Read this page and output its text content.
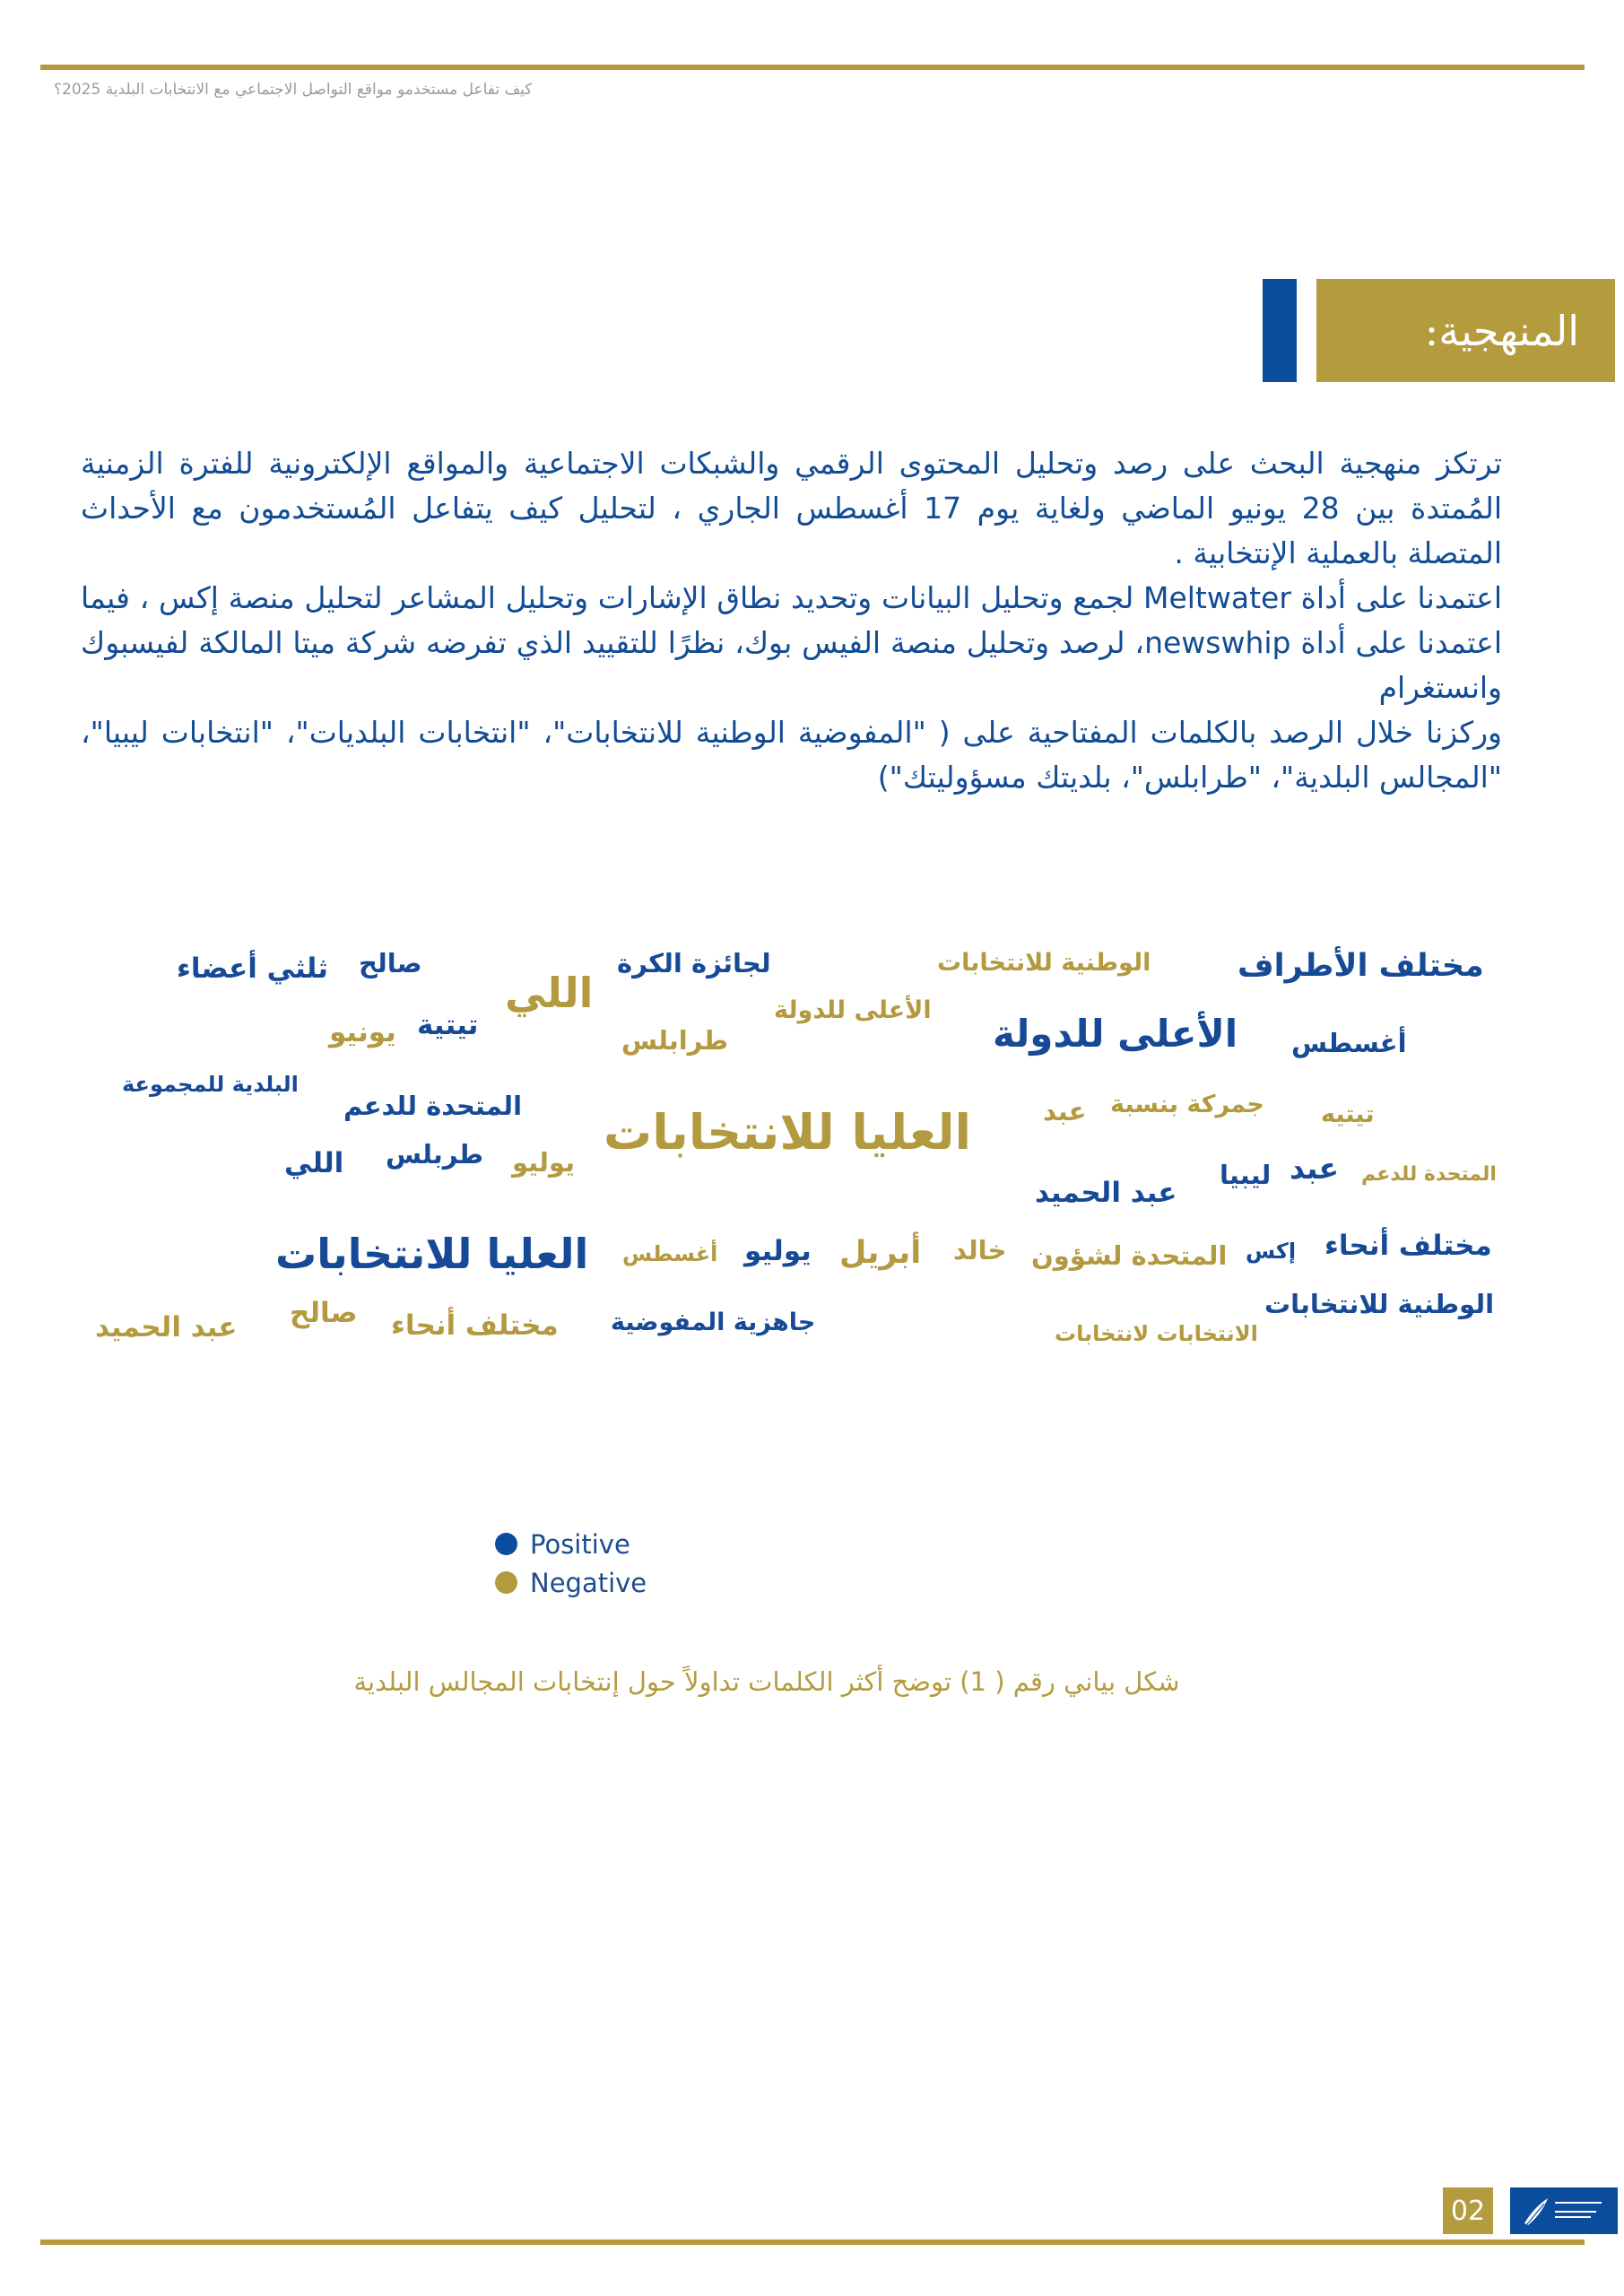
كيف تفاعل مستخدمو مواقع التواصل الاجتماعي مع الانتخابات البلدية 2025؟
المنهجية:

ترتكز منهجية البحث على رصد وتحليل المحتوى الرقمي والشبكات الاجتماعية والمواقع الإلكترونية للفترة الزمنية المُمتدة بين 28 يونيو الماضي ولغاية يوم 17 أغسطس الجاري ، لتحليل كيف يتفاعل المُستخدمون مع الأحداث المتصلة بالعملية الإنتخابية .

اعتمدنا على أداة Meltwater لجمع وتحليل البيانات وتحديد نطاق الإشارات وتحليل المشاعر لتحليل منصة إكس ، فيما اعتمدنا على أداة newswhip، لرصد وتحليل منصة الفيس بوك، نظرًا للتقييد الذي تفرضه شركة ميتا المالكة لفيسبوك وانستغرام

وركزنا خلال الرصد بالكلمات المفتاحية على ( "المفوضية الوطنية للانتخابات"، "انتخابات البلديات"، "انتخابات ليبيا"، "المجالس البلدية"، "طرابلس"، بلديتك مسؤوليتك")

مختلف الأطراف
الوطنية للانتخابات
لجائزة الكرة
صالح
ثلثي أعضاء	اللي	الأعلى للدولة
تيتية
يونيو	طرابلس	الأعلى للدولة أغسطس
البلدية للمجموعة
المتحدة للدعم	جمركة بنسبة
عبد	تيتيه
العليا للانتخابات
طربلس
اللي	يوليو	عبد
ليبيا	المتحدة للدعم
عبد الحميد
العليا للانتخابات أغسطس يوليو أبريل خالد المتحدة لشؤون إكس مختلف أنحاء
الوطنية للانتخابات
عبد الحميد صالح مختلف أنحاء جاهزية المفوضية	الانتخابات لانتخابات
Positive
Negative
شكل بياني رقم ( 1) توضح أكثر الكلمات تداولاً حول إنتخابات المجالس البلدية
02
